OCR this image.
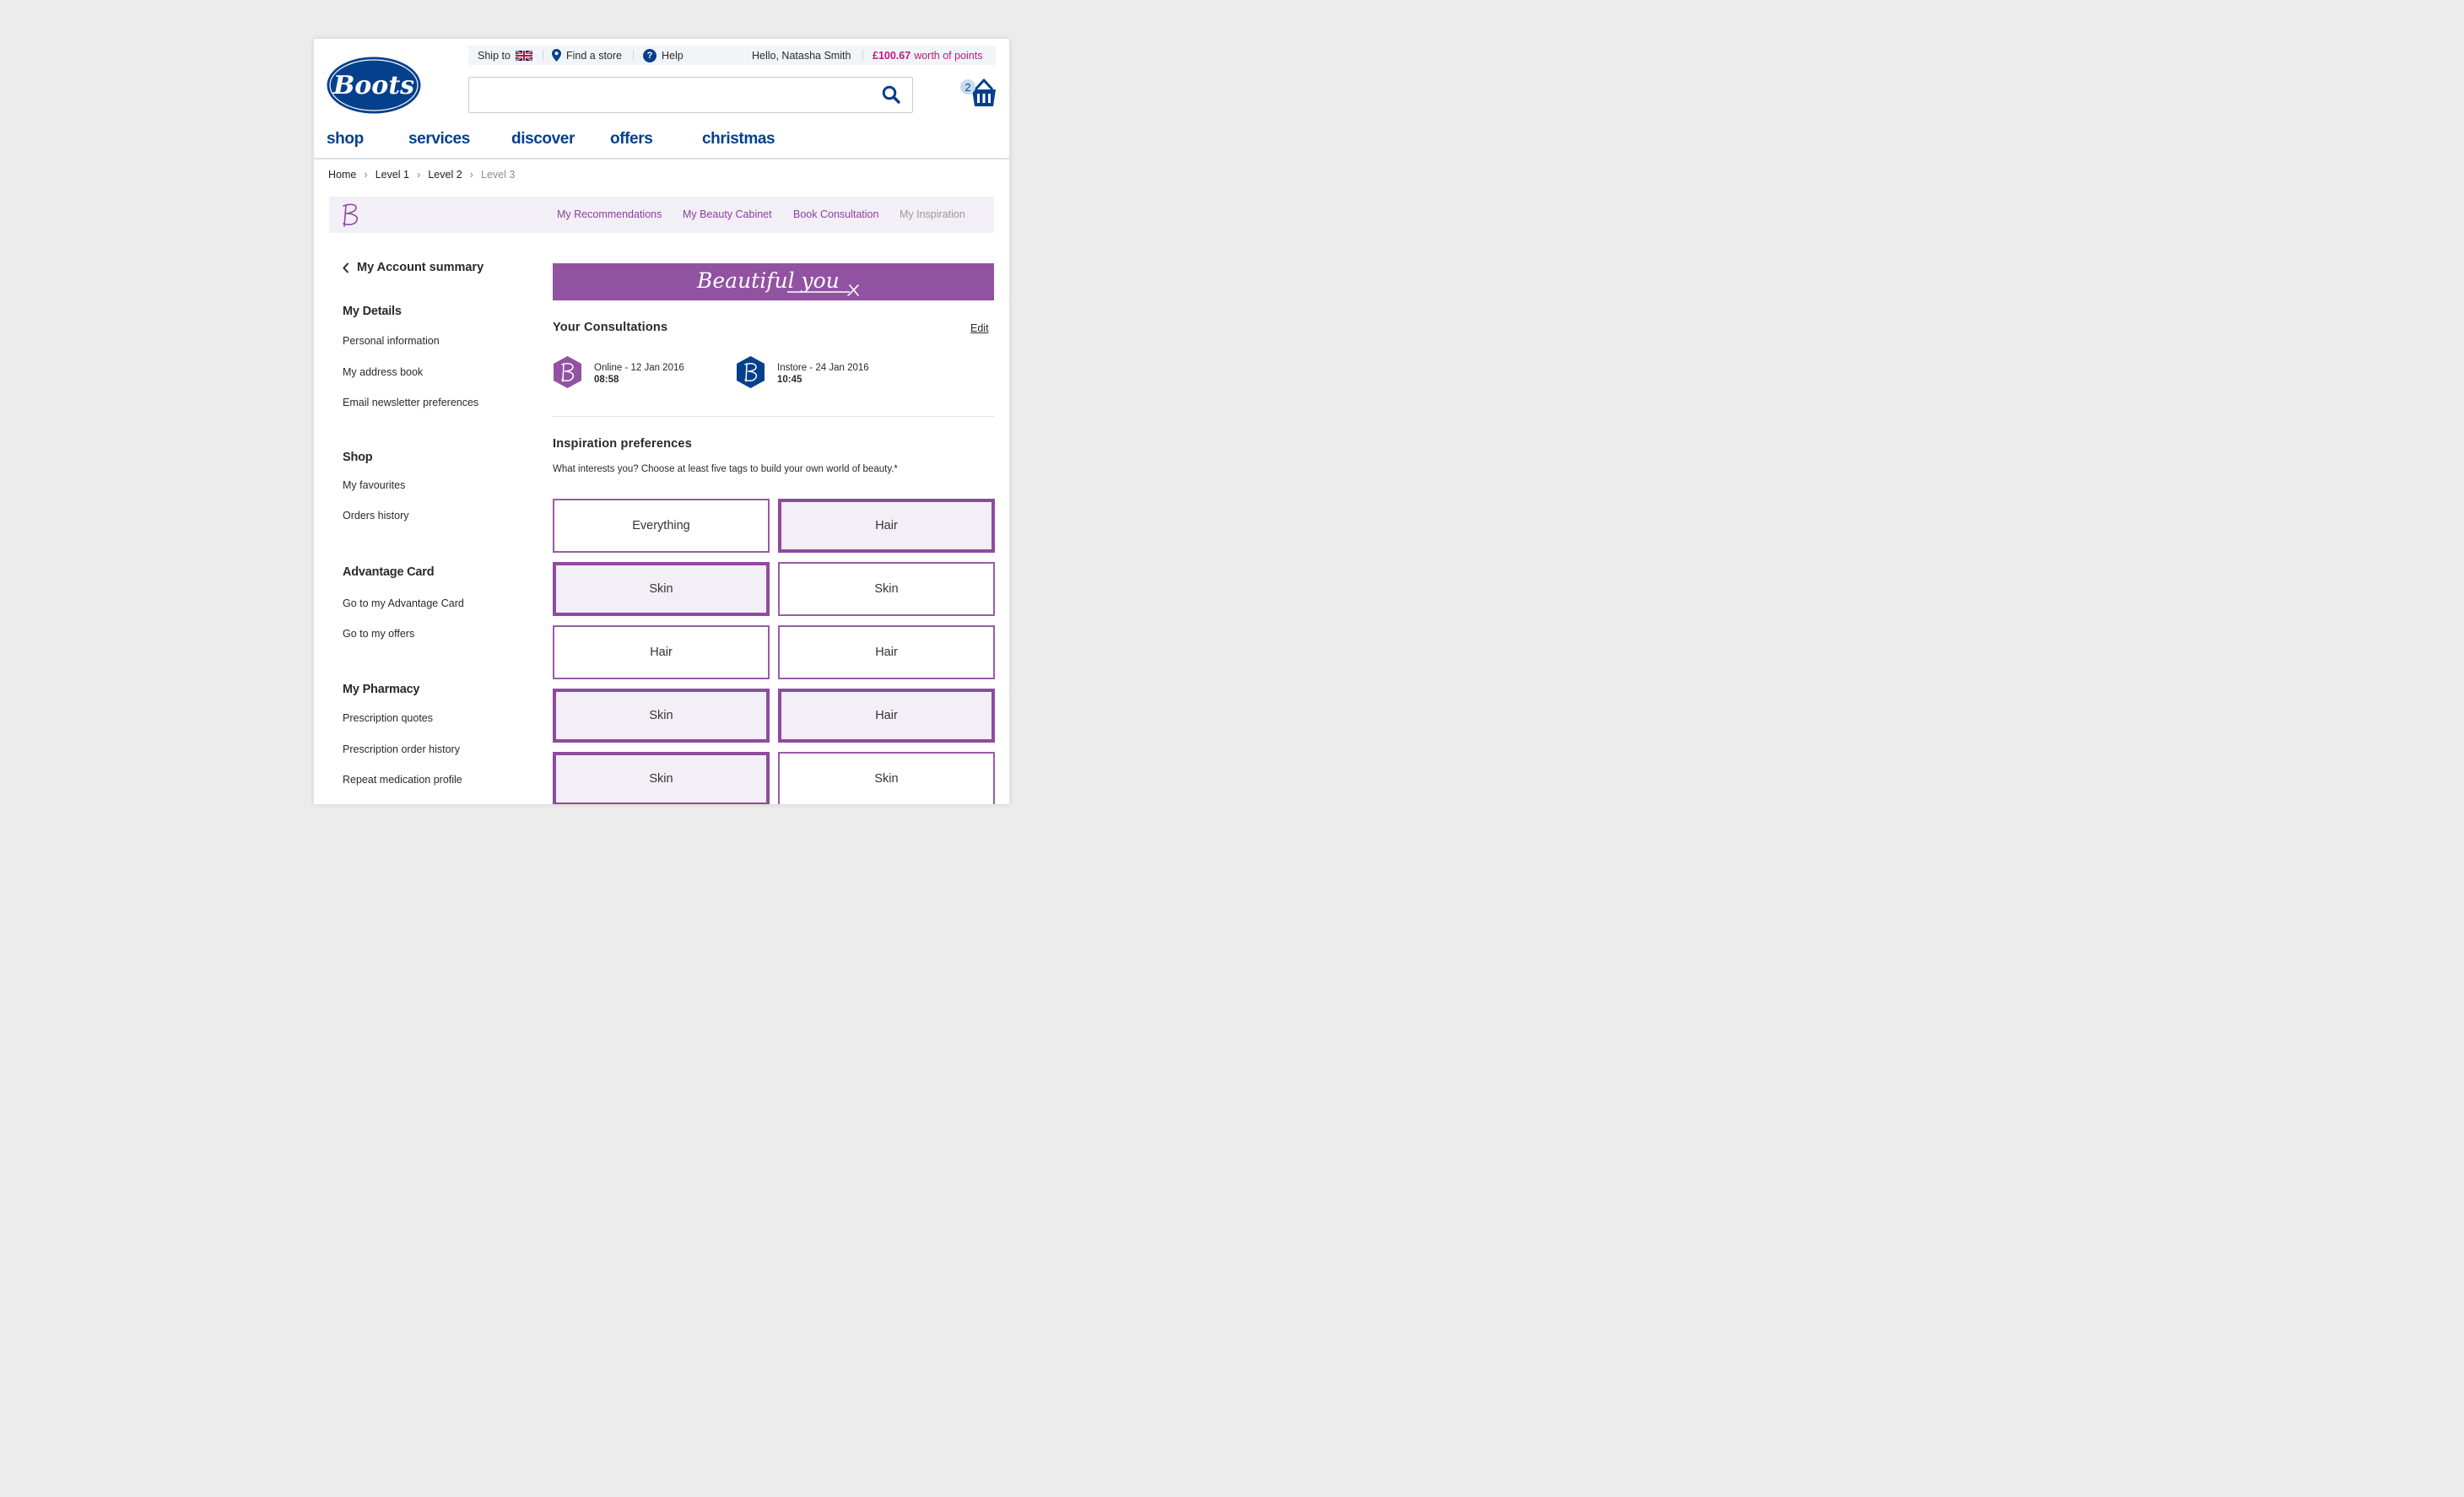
Ship to	Find a store	? Help	Hello, Natasha Smith £100.67 worth of points
Boots	2
shop	services	discover offers	christmas
Home › Level 1 › Level 2 › Level 3
My Recommendations My Beauty Cabinet Book Consultation My Inspiration
My Account summary
My Details
Personal information
My address book
Email newsletter preferences
Shop
My favourites
Orders history
Advantage Card
Go to my Advantage Card
Go to my offers
My Pharmacy
Prescription quotes
Prescription order history
Repeat medication profile
Beautiful you
Your Consultations	Edit
Online - 12 Jan 2016
08:58
Instore - 24 Jan 2016
10:45
Inspiration preferences
What interests you? Choose at least five tags to build your own world of beauty.*
Everything	Hair
Skin	Skin
Hair	Hair
Skin	Hair
Skin	Skin
